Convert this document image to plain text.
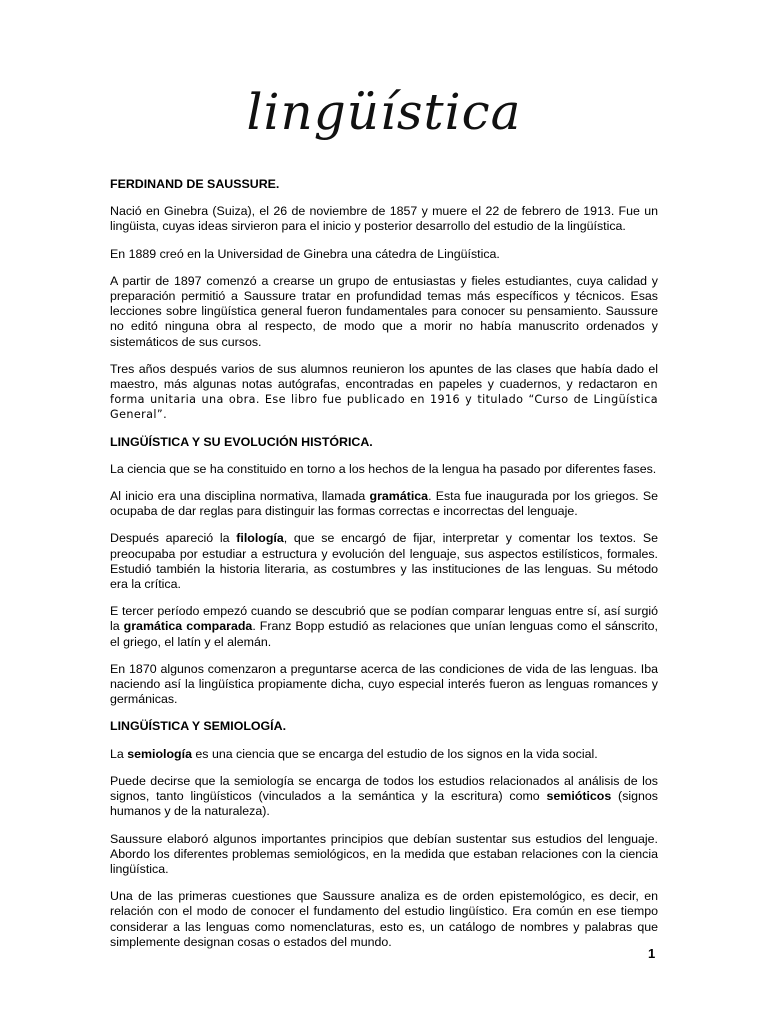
lingüística
FERDINAND DE SAUSSURE.

Nació en Ginebra (Suiza), el 26 de noviembre de 1857 y muere el 22 de febrero de 1913. Fue un lingüista, cuyas ideas sirvieron para el inicio y posterior desarrollo del estudio de la lingüística.

En 1889 creó en la Universidad de Ginebra una cátedra de Lingüística.

A partir de 1897 comenzó a crearse un grupo de entusiastas y fieles estudiantes, cuya calidad y preparación permitió a Saussure tratar en profundidad temas más específicos y técnicos. Esas lecciones sobre lingüística general fueron fundamentales para conocer su pensamiento. Saussure no editó ninguna obra al respecto, de modo que a morir no había manuscrito ordenados y sistemáticos de sus cursos.

Tres años después varios de sus alumnos reunieron los apuntes de las clases que había dado el maestro, más algunas notas autógrafas, encontradas en papeles y cuadernos, y redactaron en forma unitaria una obra. Ese libro fue publicado en 1916 y titulado “Curso de Lingüística General”.

LINGÜÍSTICA Y SU EVOLUCIÓN HISTÓRICA.

La ciencia que se ha constituido en torno a los hechos de la lengua ha pasado por diferentes fases.

Al inicio era una disciplina normativa, llamada gramática. Esta fue inaugurada por los griegos. Se ocupaba de dar reglas para distinguir las formas correctas e incorrectas del lenguaje.

Después apareció la filología, que se encargó de fijar, interpretar y comentar los textos. Se preocupaba por estudiar a estructura y evolución del lenguaje, sus aspectos estilísticos, formales. Estudió también la historia literaria, as costumbres y las instituciones de las lenguas. Su método era la crítica.

E tercer período empezó cuando se descubrió que se podían comparar lenguas entre sí, así surgió la gramática comparada. Franz Bopp estudió as relaciones que unían lenguas como el sánscrito, el griego, el latín y el alemán.

En 1870 algunos comenzaron a preguntarse acerca de las condiciones de vida de las lenguas. Iba naciendo así la lingüística propiamente dicha, cuyo especial interés fueron as lenguas romances y germánicas.

LINGÜÍSTICA Y SEMIOLOGÍA.

La semiología es una ciencia que se encarga del estudio de los signos en la vida social.

Puede decirse que la semiología se encarga de todos los estudios relacionados al análisis de los signos, tanto lingüísticos (vinculados a la semántica y la escritura) como semióticos (signos humanos y de la naturaleza).

Saussure elaboró algunos importantes principios que debían sustentar sus estudios del lenguaje. Abordo los diferentes problemas semiológicos, en la medida que estaban relaciones con la ciencia lingüística.

Una de las primeras cuestiones que Saussure analiza es de orden epistemológico, es decir, en relación con el modo de conocer el fundamento del estudio lingüístico. Era común en ese tiempo considerar a las lenguas como nomenclaturas, esto es, un catálogo de nombres y palabras que simplemente designan cosas o estados del mundo.

1
